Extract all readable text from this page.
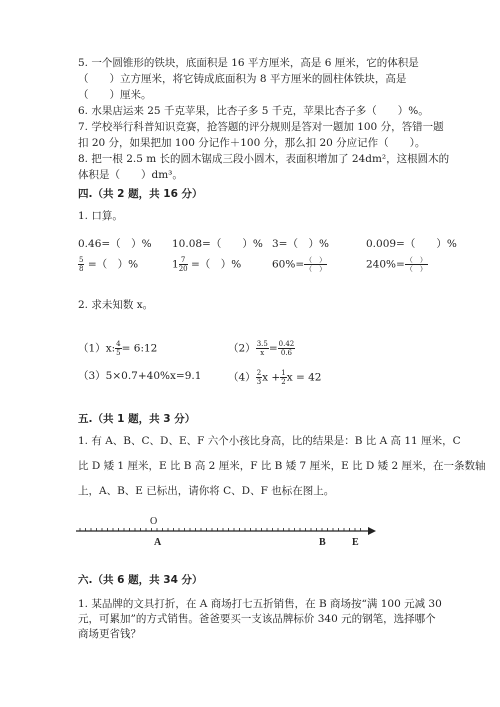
5. 一个圆锥形的铁块，底面积是 16 平方厘米，高是 6 厘米，它的体积是
（　　）立方厘米，将它铸成底面积为 8 平方厘米的圆柱体铁块，高是
（　　）厘米。
6. 水果店运来 25 千克苹果，比杏子多 5 千克，苹果比杏子多（　　）%。
7. 学校举行科普知识竞赛，抢答题的评分规则是答对一题加 100 分，答错一题
扣 20 分，如果把加 100 分记作＋100 分，那么扣 20 分应记作（　　）。
8. 把一根 2.5 m 长的圆木锯成三段小圆木，表面积增加了 24dm²，这根圆木的
体积是（　　）dm³。
四.（共 2 题，共 16 分）
1. 口算。
0.46=（　）% 10.08=（　　）% 3=（　）%	0.009=（　　）%
$\frac{5}{8}$ =（　）%	$1 \frac{7}{20}$ =（　）%	$60\%= \frac{( )}{( )}$	$240\%= \frac{( )}{( )}$
2. 求未知数 x。
（1）x: $\frac{4}{5}$ = 6:12	$(2) \frac{3.5}{x} = \frac{0.42}{0.6}$
（3）5×0.7+40%x=9.1	$(4) \frac{2}{3}$ $x + \frac{1}{2}$ x = 42
五.（共 1 题，共 3 分）
1. 有 A、B、C、D、E、F 六个小孩比身高，比的结果是：B 比 A 高 11 厘米，C
比 D 矮 1 厘米，E 比 B 高 2 厘米，F 比 B 矮 7 厘米，E 比 D 矮 2 厘米，在一条数轴
上，A、B、E 已标出，请你将 C、D、F 也标在图上。
O
A	B	E
六.（共 6 题，共 34 分）
1. 某品牌的文具打折，在 A 商场打七五折销售，在 B 商场按“满 100 元减 30
元，可累加”的方式销售。爸爸要买一支该品牌标价 340 元的钢笔，选择哪个
商场更省钱？
